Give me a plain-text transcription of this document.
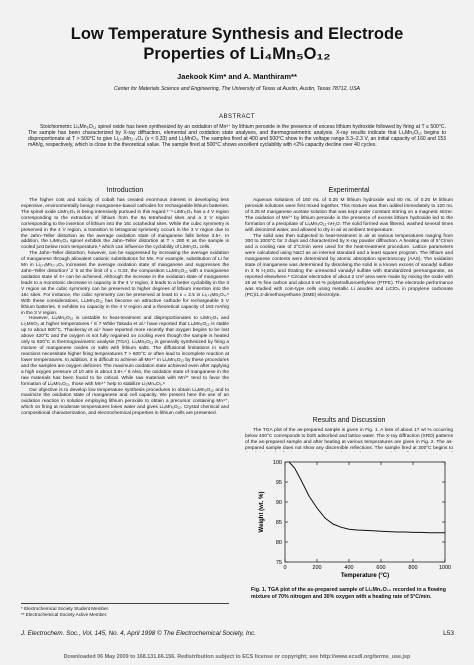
Low Temperature Synthesis and Electrode
Properties of Li₄Mn₅O₁₂
Jaekook Kim* and A. Manthiram**
Center for Materials Science and Engineering, The University of Texas at Austin, Austin, Texas 78712, USA
ABSTRACT

Stoichiometric Li₄Mn₅O₁₂ spinel oxide has been synthesized by an oxidation of Mn²⁺ by lithium peroxide in the presence of excess lithium hydroxide followed by firing at T ≤ 500°C. The sample has been characterized by X-ray diffraction, elemental and oxidation state analyses, and thermogravimetric analysis. X-ray results indicate that Li₄Mn₅O₁₂ begins to disproportionate at T > 500°C to give Li₁₊ₓMn₂₋ₓO₄ (x < 0.33) and Li₂MnO₃. The samples fired at 400 and 500°C show in the voltage range 3.3–2.3 V, an initial capacity of 160 and 153 mAh/g, respectively, which is close to the theoretical value. The sample fired at 500°C shows excellent cyclability with <2% capacity decline over 40 cycles.

Introduction

The higher cost and toxicity of cobalt has created enormous interest in developing less expensive, environmentally benign manganese-based cathodes for rechargeable lithium batteries. The spinel oxide LiMn₂O₄ is being intensively pursued in this regard.¹⁻⁴ LiMn₂O₄ has a 4 V region corresponding to the extraction of lithium from the 8a tetrahedral sites and a 3 V region corresponding to the insertion of lithium into the 16c octahedral sites. While the cubic symmetry is preserved in the 4 V region, a transition to tetragonal symmetry occurs in the 3 V region due to the Jahn–Teller distortion as the average oxidation state of manganese falls below 3.5+. In addition, the LiMn₂O₄ spinel exhibits the Jahn–Teller distortion at T ≈ 280 K as the sample is cooled just below room temperature,⁵ which can influence the cyclability of LiMn₂O₄ cells.

The Jahn–Teller distortion, however, can be suppressed by increasing the average oxidation of manganese through aliovalent cationic substitutions for Mn. For example, substitution of Li for Mn in Li₁₊ₓMn₂₋ₓO₄ increases the average oxidation state of manganese and suppresses the Jahn–Teller distortion¹˙2˙6 at the limit of x = 0.33, the composition Li₄Mn₅O₁₂ with a manganese oxidation state of 4+ can be achieved. Although the increase in the oxidation state of manganese leads to a monotonic decrease in capacity in the 4 V region, it leads to a better cyclability in the 3 V region as the cubic symmetry can be preserved to higher degrees of lithium insertion into the 16c sites. For instance, the cubic symmetry can be preserved at least to x = 2.5 in Li₁₊ₓMn₂O₄.⁶ With these considerations, Li₄Mn₅O₁₂ has become an attractive cathode for rechargeable 3 V lithium batteries. It exhibits no capacity in the 4 V region and a theoretical capacity of 163 mAh/g in the 3 V region.

However, Li₄Mn₅O₁₂ is unstable to heat-treatment and disproportionates to LiMn₂O₄ and Li₂MnO₃ at higher temperatures.¹˙6˙7 While Takada et al.⁷ have reported that Li₄Mn₅O₁₂ is stable up to about 600°C, Thackeray et al.¹ have reported more recently that oxygen begins to be lost above 420°C and the oxygen is not fully regained on cooling even though the sample is heated only to 620°C in thermogravimetric analysis (TGA). Li₄Mn₅O₁₂ is generally synthesized by firing a mixture of manganese oxides or salts with lithium salts. The diffusional limitations in such reactions necessitate higher firing temperatures T > 600°C or often lead to incomplete reaction at lower temperatures. In addition, it is difficult to achieve all Mn⁴⁺ in Li₄Mn₅O₁₂ by these procedures and the samples are oxygen deficient. The maximum oxidation state achieved even after applying a high oxygen pressure of 10 atm is about 3.8+.¹˙6 Also, the oxidation state of manganese in the raw materials has been found to be critical. While raw materials with Mn³⁺ tend to favor the formation of Li₄Mn₅O₁₂, those with Mn⁴⁺ help to stabilize Li₂Mn₄O₉.⁶

Our objective is to develop low temperature synthesis procedures to obtain Li₄Mn₅O₁₂ and to maximize the oxidation state of manganese and cell capacity. We present here the use of an oxidation reaction in solution employing lithium peroxide to obtain a precursor containing Mn⁴⁺, which on firing at moderate temperatures loses water and gives Li₄Mn₅O₁₂. Crystal chemical and compositional characterization, and electrochemical properties in lithium cells are presented.

* Electrochemical Society Student Member.
** Electrochemical Society Active Member.
Experimental

Aqueous solutions of 160 mL of 0.25 M lithium hydroxide and 80 mL of 0.25 M lithium peroxide solutions were first mixed together. This mixture was then added immediately to 120 mL of 0.25 M manganese acetate solution that was kept under constant stirring on a magnetic stirrer. The oxidation of Mn²⁺ by lithium peroxide in the presence of excess lithium hydroxide led to the formation of a precipitate of Li₄Mn₅O₁₂·nH₂O. The solid formed was filtered, washed several times with deionized water, and allowed to dry in air at ambient temperature.

The solid was then subjected to heat-treatment in air at various temperatures ranging from 300 to 1000°C for 3 days and characterized by X-ray powder diffraction. A heating rate of 5°C/min and a cooling rate of 2°C/min were used for the heat-treatment procedure. Lattice parameters were calculated using NaCl as an internal standard and a least square program. The lithium and manganese contents were determined by atomic absorption spectroscopy (AAS). The oxidation state of manganese was determined by dissolving the solid in a known excess of vanadyl sulfate in 2 N H₂SO₄ and titrating the unreacted vanadyl sulfate with standardized permanganate, as reported elsewhere.⁸ Circular electrodes of about 2 cm² area were made by mixing the oxide with 25 wt % fine carbon and about 5 wt % polytetrafluoroethylene (PTFE). The electrode performance was studied with coin-type cells using metallic Li anodes and LiClO₄ in propylene carbonate (PC)/1,2-dimethoxyethane (DME) electrolyte.

Results and Discussion

The TGA plot of the as-prepared sample is given in Fig. 1. A loss of about 17 wt % occurring below 400°C corresponds to both adsorbed and lattice water. The X-ray diffraction (XRD) patterns of the as-prepared sample and after heating at various temperatures are given in Fig. 2. The as-prepared sample does not show any discernible reflections. The sample fired at 300°C begins to

0	200	400	600	800	1000
75
80
85
90
95
100
Temperature (°C)
Weight (wt. %)
Fig. 1. TGA plot of the as-prepared sample of Li₄Mn₅O₁₂ recorded in a flowing mixture of 70% nitrogen and 30% oxygen with a heating rate of 5°C/min.
J. Electrochem. Soc., Vol. 145, No. 4, April 1998 © The Electrochemical Society, Inc.	L53
Downloaded 06 May 2009 to 168.131.66.156. Redistribution subject to ECS license or copyright; see http://www.ecsdl.org/terms_use.jsp
